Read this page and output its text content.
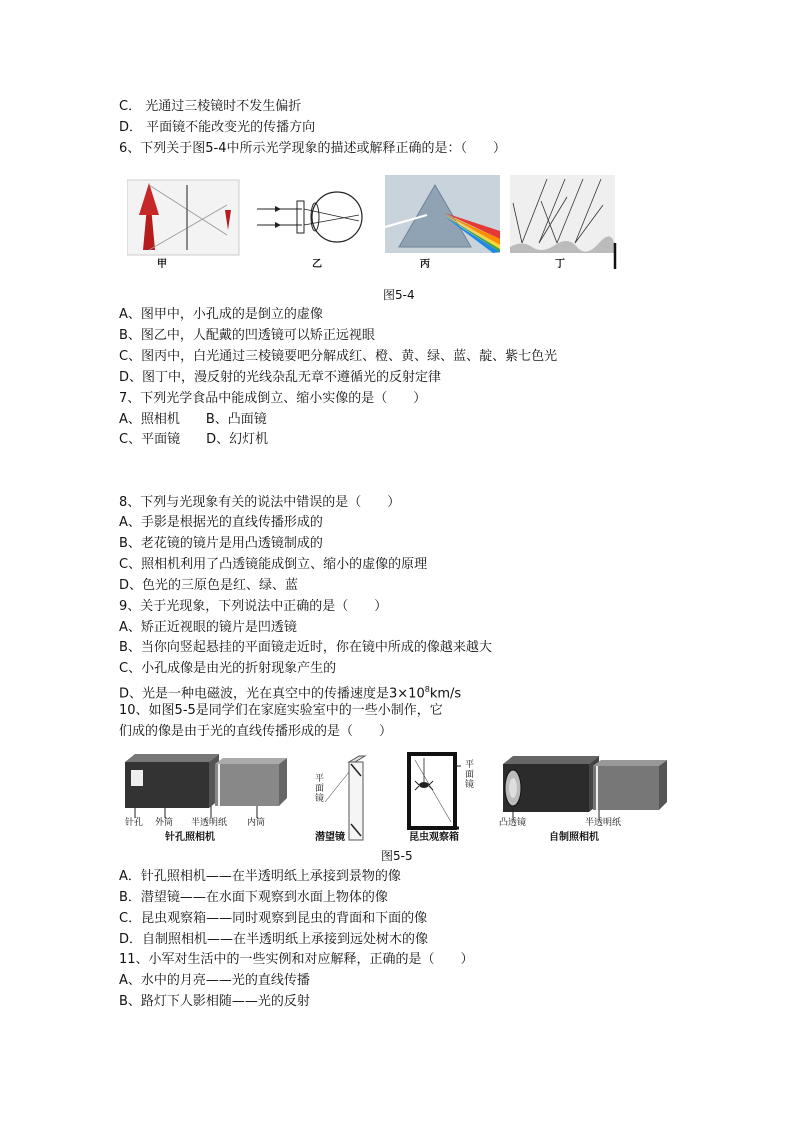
C． 光通过三棱镜时不发生偏折
D． 平面镜不能改变光的传播方向
6、下列关于图5-4中所示光学现象的描述或解释正确的是：（　　）
甲	乙	丙	丁
图5-4
A、图甲中，小孔成的是倒立的虚像
B、图乙中，人配戴的凹透镜可以矫正远视眼
C、图丙中，白光通过三棱镜要吧分解成红、橙、黄、绿、蓝、靛、紫七色光
D、图丁中，漫反射的光线杂乱无章不遵循光的反射定律
7、下列光学食品中能成倒立、缩小实像的是（　　）
A、照相机　　B、凸面镜
C、平面镜　　D、幻灯机
8、下列与光现象有关的说法中错误的是（　　）
A、手影是根据光的直线传播形成的
B、老花镜的镜片是用凸透镜制成的
C、照相机利用了凸透镜能成倒立、缩小的虚像的原理
D、色光的三原色是红、绿、蓝
9、关于光现象，下列说法中正确的是（　　）
A、矫正近视眼的镜片是凹透镜
B、当你向竖起悬挂的平面镜走近时，你在镜中所成的像越来越大
C、小孔成像是由光的折射现象产生的
D、光是一种电磁波，光在真空中的传播速度是$3\times 10^8km/s$
10、如图5-5是同学们在家庭实验室中的一些小制作，它
们成的像是由于光的直线传播形成的是（　　）
针孔 外筒 半透明纸 内筒
针孔照相机
平面镜
潜望镜
平面镜
昆虫观察箱
凸透镜	半透明纸
自制照相机
图5-5
A．针孔照相机——在半透明纸上承接到景物的像
B．潜望镜——在水面下观察到水面上物体的像
C．昆虫观察箱——同时观察到昆虫的背面和下面的像
D．自制照相机——在半透明纸上承接到远处树木的像
11、小军对生活中的一些实例和对应解释，正确的是（　　）
A、水中的月亮——光的直线传播
B、路灯下人影相随——光的反射
